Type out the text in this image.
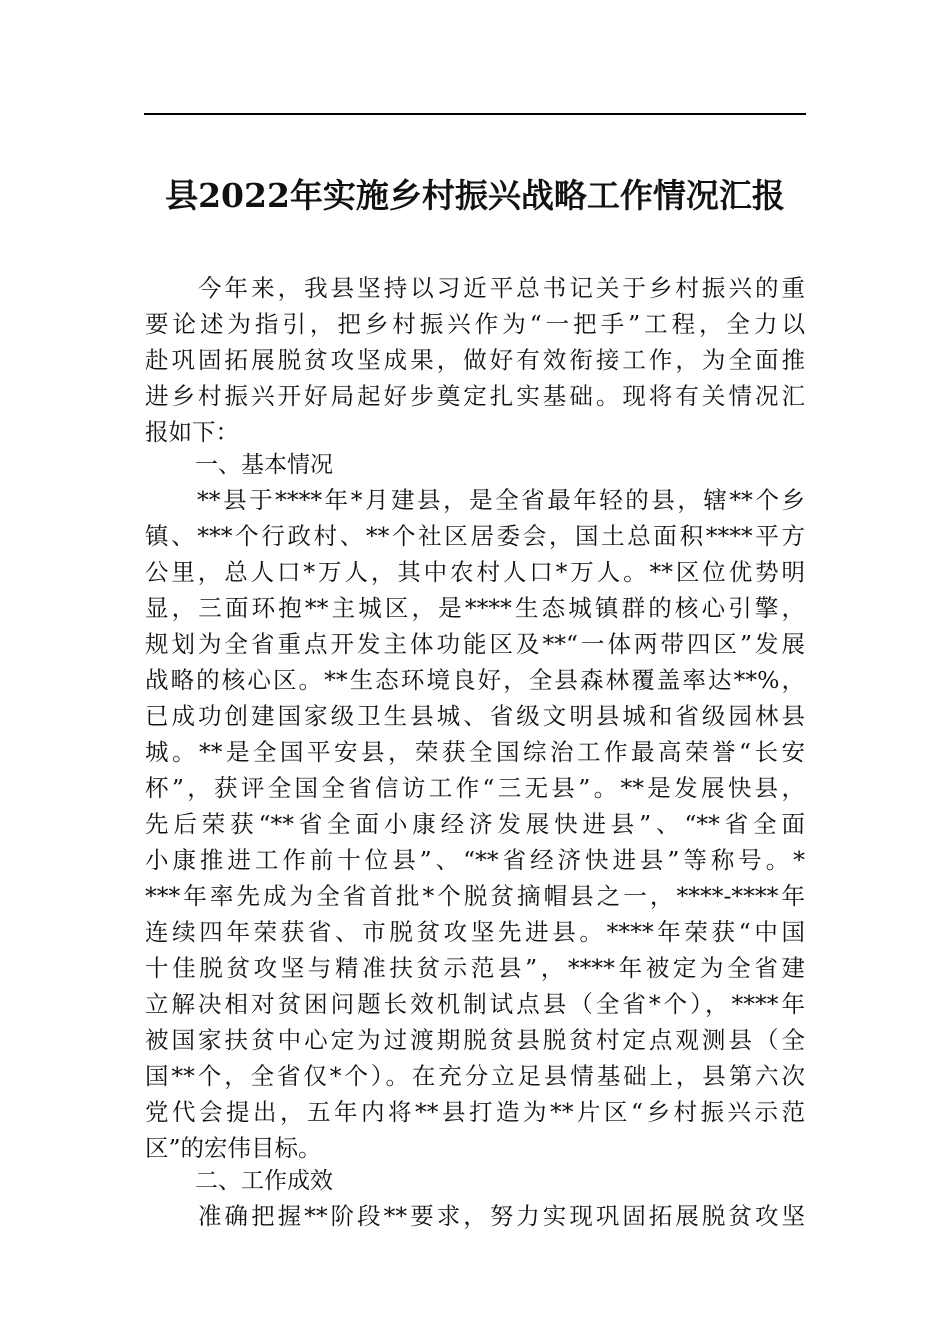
县2022年实施乡村振兴战略工作情况汇报
　　今年来，我县坚持以习近平总书记关于乡村振兴的重
要论述为指引，把乡村振兴作为“一把手”工程，全力以
赴巩固拓展脱贫攻坚成果，做好有效衔接工作，为全面推
进乡村振兴开好局起好步奠定扎实基础。现将有关情况汇
报如下：
一、基本情况
　　**县于****年*月建县，是全省最年轻的县，辖**个乡
镇、***个行政村、**个社区居委会，国土总面积****平方
公里，总人口*万人，其中农村人口*万人。**区位优势明
显，三面环抱**主城区，是****生态城镇群的核心引擎，
规划为全省重点开发主体功能区及**“一体两带四区”发展
战略的核心区。**生态环境良好，全县森林覆盖率达**%，
已成功创建国家级卫生县城、省级文明县城和省级园林县
城。**是全国平安县，荣获全国综治工作最高荣誉“长安
杯”，获评全国全省信访工作“三无县”。**是发展快县，
先后荣获“**省全面小康经济发展快进县”、“**省全面
小康推进工作前十位县”、“**省经济快进县”等称号。*
***年率先成为全省首批*个脱贫摘帽县之一，****-****年
连续四年荣获省、市脱贫攻坚先进县。****年荣获“中国
十佳脱贫攻坚与精准扶贫示范县”，****年被定为全省建
立解决相对贫困问题长效机制试点县（全省*个），****年
被国家扶贫中心定为过渡期脱贫县脱贫村定点观测县（全
国**个，全省仅*个）。在充分立足县情基础上，县第六次
党代会提出，五年内将**县打造为**片区“乡村振兴示范
区”的宏伟目标。
二、工作成效
　　准确把握**阶段**要求，努力实现巩固拓展脱贫攻坚
